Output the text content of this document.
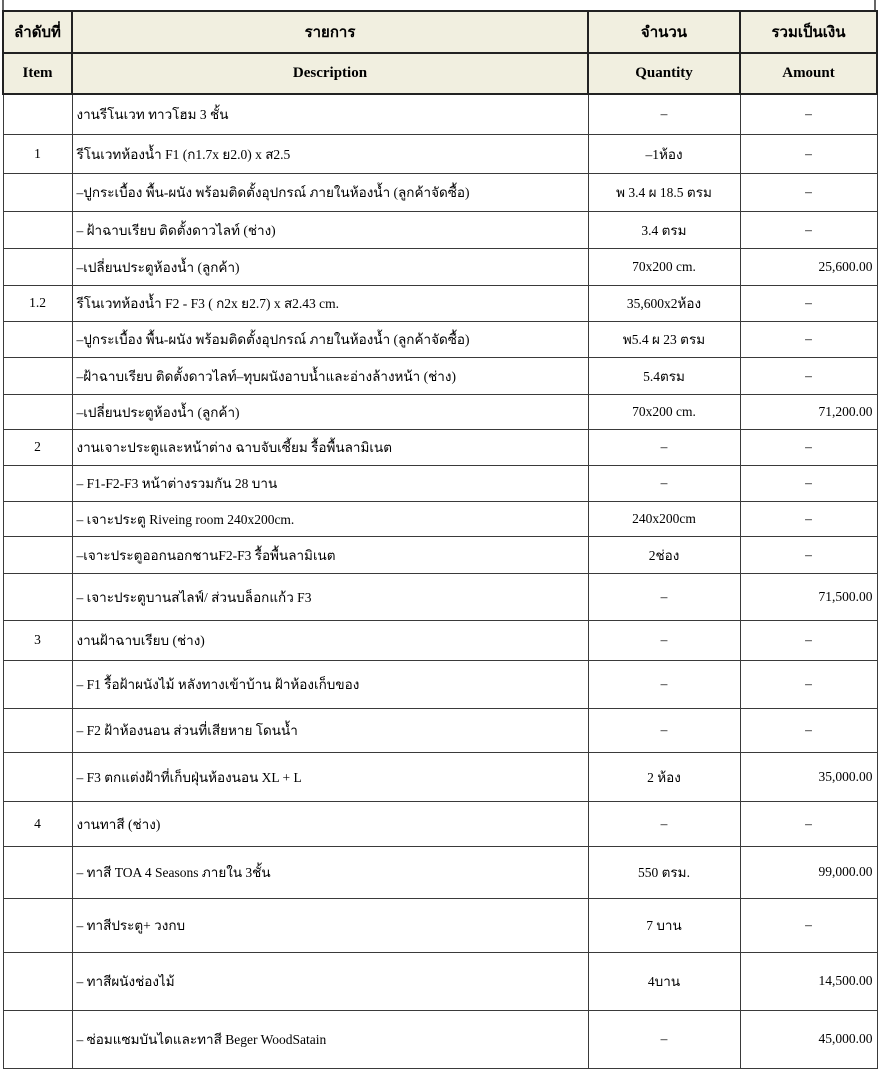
ลำดับที่	รายการ	จำนวน	รวมเป็นเงิน
Item	Description	Quantity	Amount
	งานรีโนเวท ทาวโฮม 3 ชั้น	–	–
1	รีโนเวทห้องน้ำ F1 (ก1.7x ย2.0) x ส2.5	–1ห้อง	–
	–ปูกระเบื้อง พื้น-ผนัง พร้อมติดตั้งอุปกรณ์ ภายในห้องน้ำ (ลูกค้าจัดซื้อ)	พ 3.4 ผ 18.5 ตรม	–
	– ฝ้าฉาบเรียบ ติดตั้งดาวไลท์ (ช่าง)	3.4 ตรม	–
	–เปลี่ยนประตูห้องน้ำ (ลูกค้า)	70x200 cm.	25,600.00
1.2	รีโนเวทห้องน้ำ F2 - F3 ( ก2x ย2.7) x ส2.43 cm.	35,600x2ห้อง	–
	–ปูกระเบื้อง พื้น-ผนัง พร้อมติดตั้งอุปกรณ์ ภายในห้องน้ำ (ลูกค้าจัดซื้อ)	พ5.4 ผ 23 ตรม	–
	–ฝ้าฉาบเรียบ ติดตั้งดาวไลท์–ทุบผนังอาบน้ำและอ่างล้างหน้า (ช่าง)	5.4ตรม	–
	–เปลี่ยนประตูห้องน้ำ (ลูกค้า)	70x200 cm.	71,200.00
2	งานเจาะประตูและหน้าต่าง ฉาบจับเซี้ยม รื้อพื้นลามิเนต	–	–
	– F1-F2-F3 หน้าต่างรวมกัน 28 บาน	–	–
	– เจาะประตู Riveing room 240x200cm.	240x200cm	–
	–เจาะประตูออกนอกชานF2-F3 รื้อพื้นลามิเนต	2ช่อง	–
	– เจาะประตูบานสไลฟ์/ ส่วนบล็อกแก้ว F3	–	71,500.00
3	งานฝ้าฉาบเรียบ (ช่าง)	–	–
	– F1 รื้อฝ้าผนังไม้ หลังทางเข้าบ้าน ฝ้าห้องเก็บของ	–	–
	– F2 ฝ้าห้องนอน ส่วนที่เสียหาย โดนน้ำ	–	–
	– F3 ตกแต่งฝ้าที่เก็บฝุ่นห้องนอน XL + L	2 ห้อง	35,000.00
4	งานทาสี (ช่าง)	–	–
	– ทาสี TOA 4 Seasons ภายใน 3ชั้น	550 ตรม.	99,000.00
	– ทาสีประตู+ วงกบ	7 บาน	–
	– ทาสีผนังช่องไม้	4บาน	14,500.00
	– ซ่อมแซมบันไดและทาสี Beger WoodSatain	–	45,000.00
